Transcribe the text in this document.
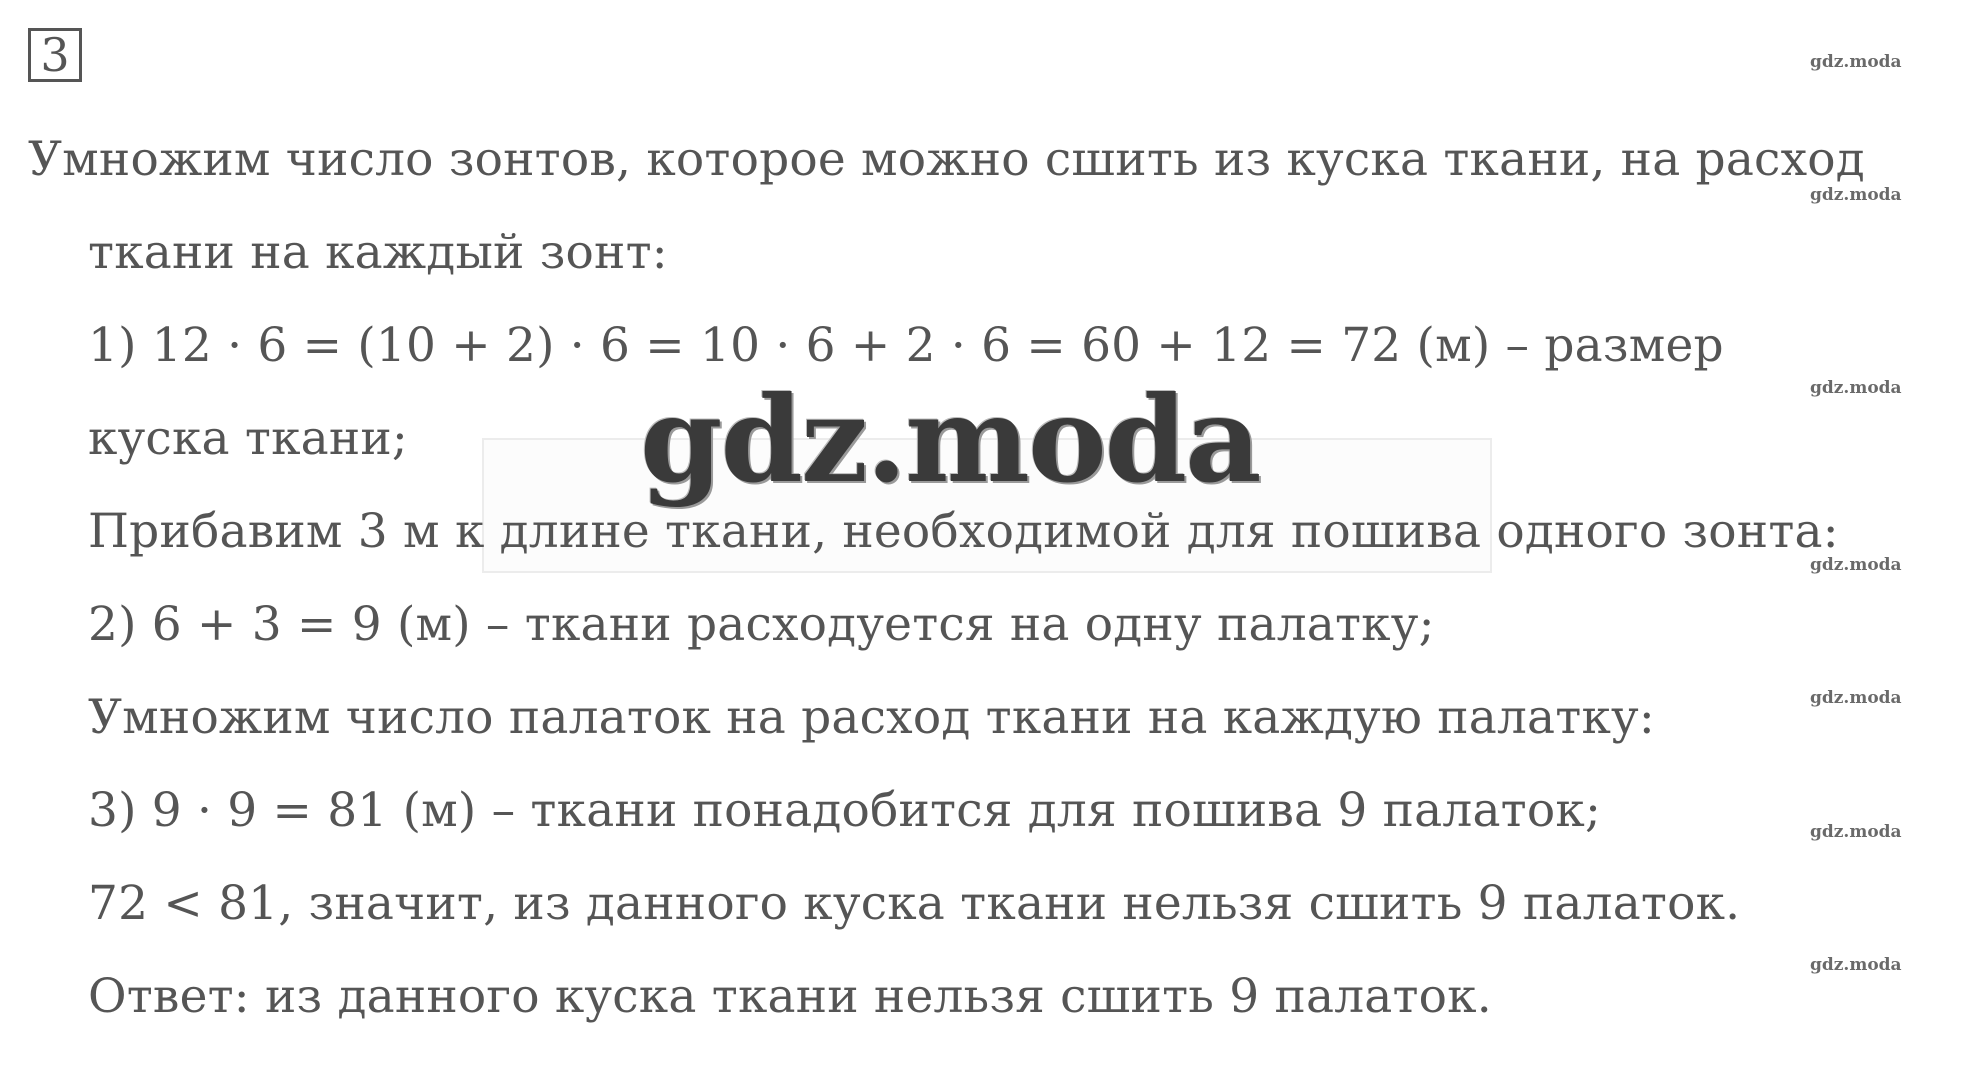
3
Умножим число зонтов, которое можно сшить из куска ткани, на расход
ткани на каждый зонт:
1) 12 · 6 = (10 + 2) · 6 = 10 · 6 + 2 · 6 = 60 + 12 = 72 (м) – размер
куска ткани;
Прибавим 3 м к длине ткани, необходимой для пошива одного зонта:
2) 6 + 3 = 9 (м) – ткани расходуется на одну палатку;
Умножим число палаток на расход ткани на каждую палатку:
3) 9 · 9 = 81 (м) – ткани понадобится для пошива 9 палаток;
72 < 81, значит, из данного куска ткани нельзя сшить 9 палаток.
Ответ: из данного куска ткани нельзя сшить 9 палаток.
gdz.moda
gdz.moda
gdz.moda
gdz.moda
gdz.moda
gdz.moda
gdz.moda
gdz.moda
